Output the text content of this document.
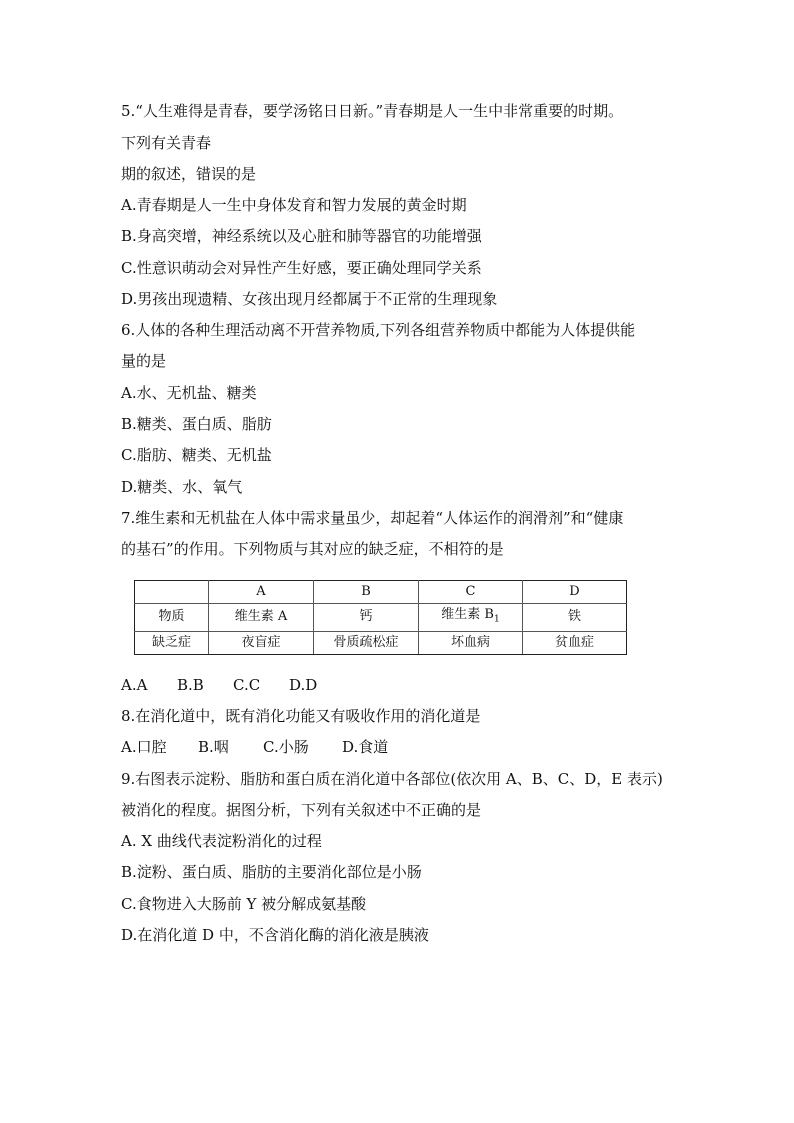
5.“人生难得是青春，要学汤铭日日新。”青春期是人一生中非常重要的时期。
下列有关青春
期的叙述，错误的是
A.青春期是人一生中身体发育和智力发展的黄金时期
B.身高突增，神经系统以及心脏和肺等器官的功能增强
C.性意识萌动会对异性产生好感，要正确处理同学关系
D.男孩出现遗精、女孩出现月经都属于不正常的生理现象
6.人体的各种生理活动离不开营养物质,下列各组营养物质中都能为人体提供能
量的是
A.水、无机盐、糖类
B.糖类、蛋白质、脂肪
C.脂肪、糖类、无机盐
D.糖类、水、氧气
7.维生素和无机盐在人体中需求量虽少，却起着“人体运作的润滑剂”和“健康
的基石”的作用。下列物质与其对应的缺乏症，不相符的是
	A	B	C	D
物质	维生素 A	钙	维生素 $B_1$	铁
缺乏症	夜盲症	骨质疏松症	坏血病	贫血症
A.A B.B C.C D.D
8.在消化道中，既有消化功能又有吸收作用的消化道是
A.口腔 B.咽 C.小肠 D.食道
9.右图表示淀粉、脂肪和蛋白质在消化道中各部位(依次用 A、B、C、D，E 表示)
被消化的程度。据图分析，下列有关叙述中不正确的是
A. X 曲线代表淀粉消化的过程
B.淀粉、蛋白质、脂肪的主要消化部位是小肠
C.食物进入大肠前 Y 被分解成氨基酸
D.在消化道 D 中，不含消化酶的消化液是胰液
